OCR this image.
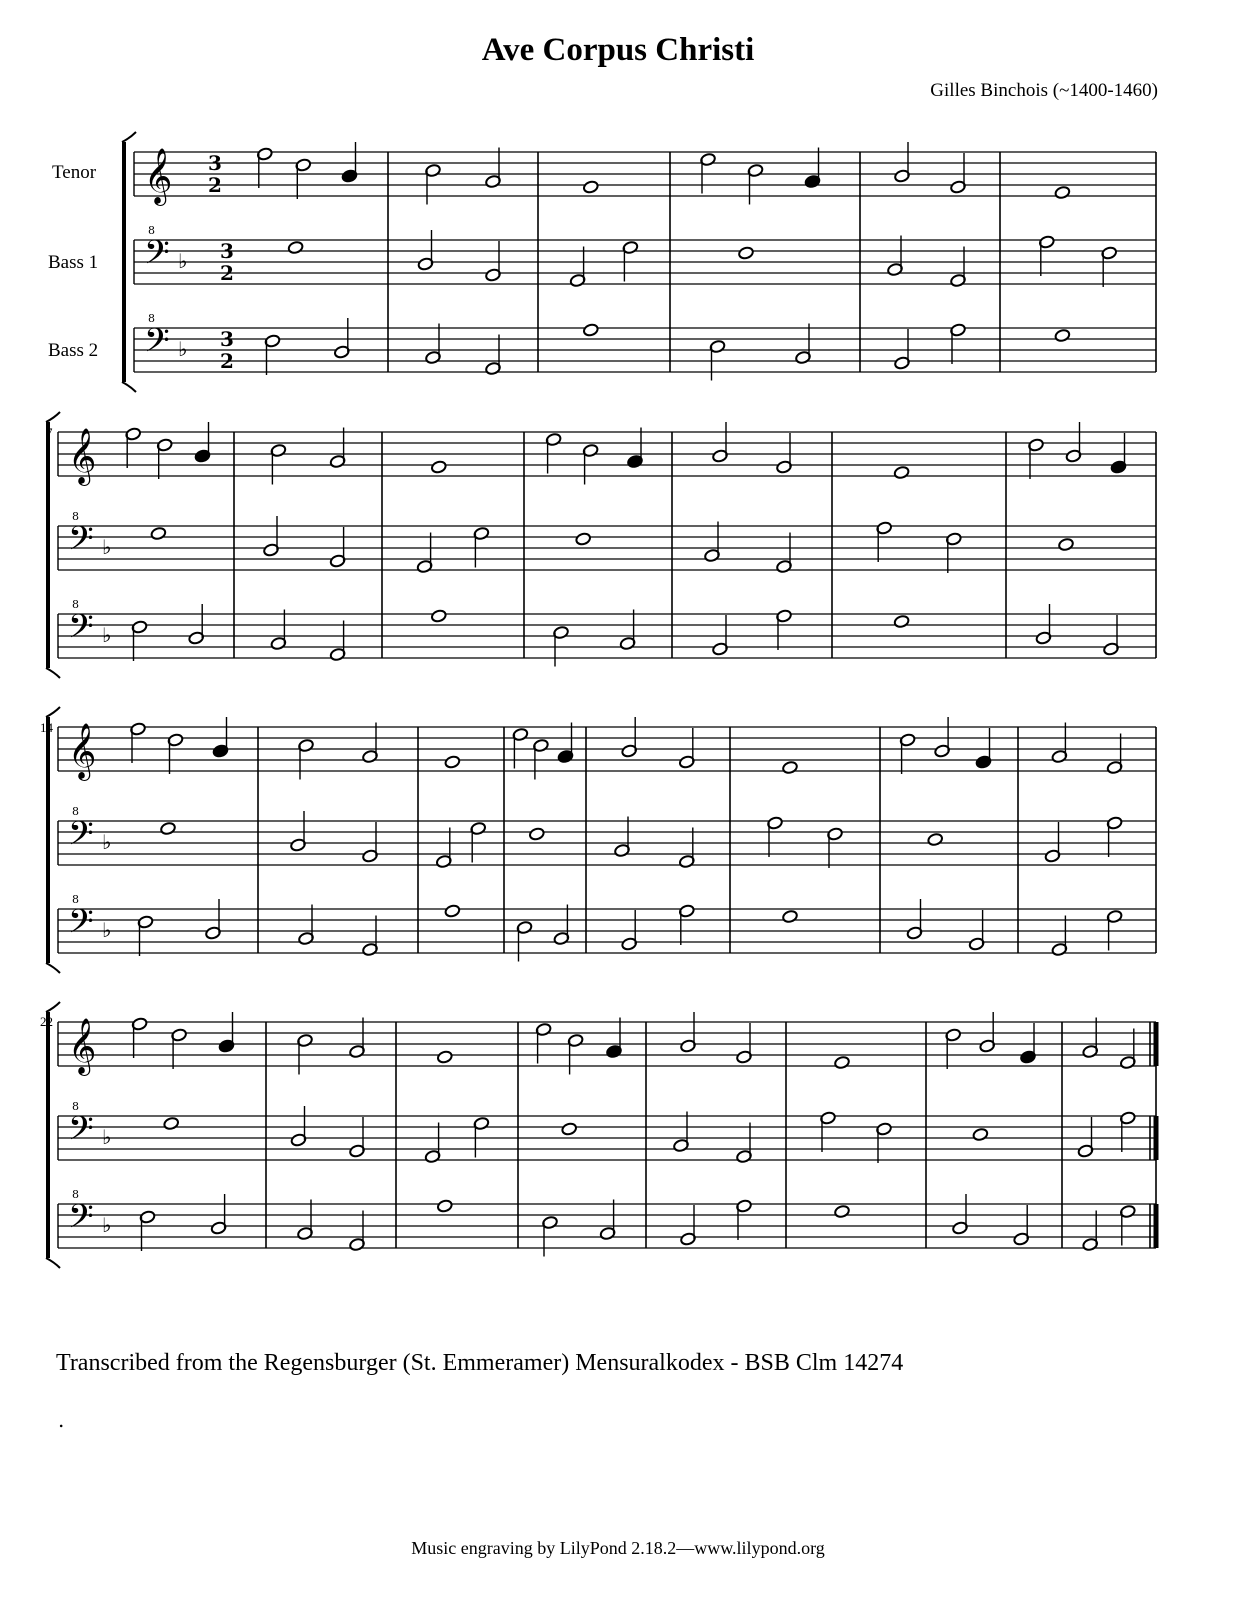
Ave Corpus Christi
Gilles Binchois (~1400-1460)
Tenor
Bass 1
Bass 2
7
14
22
𝄞 3
2
𝄢
8
♭ 3
2
𝄢
8
♭ 3
2
𝄞
𝄢
8
♭
𝄢
8
♭
𝄞
𝄢
8
♭
𝄢
8
♭
𝄞
𝄢
8
♭
𝄢
8
♭
Transcribed from the Regensburger (St. Emmeramer) Mensuralkodex - BSB Clm 14274
.
Music engraving by LilyPond 2.18.2—www.lilypond.org
